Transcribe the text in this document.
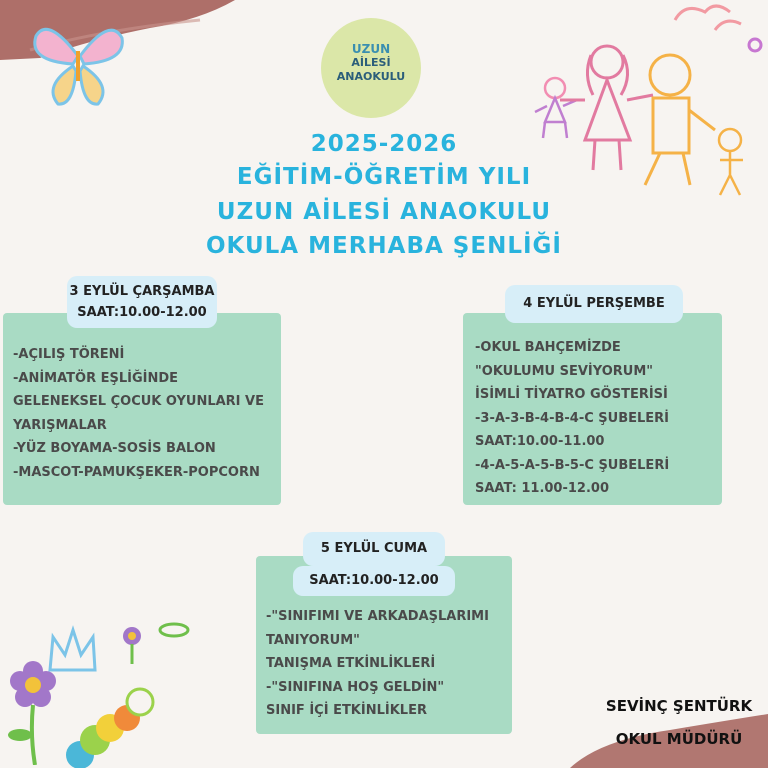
UZUN
AİLESİ
ANAOKULU
2025-2026
EĞİTİM-ÖĞRETİM YILI
UZUN AİLESİ ANAOKULU
OKULA MERHABA ŞENLİĞİ
3 EYLÜL ÇARŞAMBA
SAAT:10.00-12.00
-AÇILIŞ TÖRENİ
-ANİMATÖR EŞLİĞİNDE
GELENEKSEL ÇOCUK OYUNLARI VE
YARIŞMALAR
-YÜZ BOYAMA-SOSİS BALON
-MASCOT-PAMUKŞEKER-POPCORN
4 EYLÜL PERŞEMBE
-OKUL BAHÇEMİZDE
"OKULUMU SEVİYORUM"
İSİMLİ TİYATRO GÖSTERİSİ
-3-A-3-B-4-B-4-C ŞUBELERİ
SAAT:10.00-11.00
-4-A-5-A-5-B-5-C ŞUBELERİ
SAAT: 11.00-12.00
5 EYLÜL CUMA
SAAT:10.00-12.00
-"SINIFIMI VE ARKADAŞLARIMI
TANIYORUM"
TANIŞMA ETKİNLİKLERİ
-"SINIFINA HOŞ GELDİN"
SINIF İÇİ ETKİNLİKLER	SEVİNÇ ŞENTÜRK
OKUL MÜDÜRÜ
